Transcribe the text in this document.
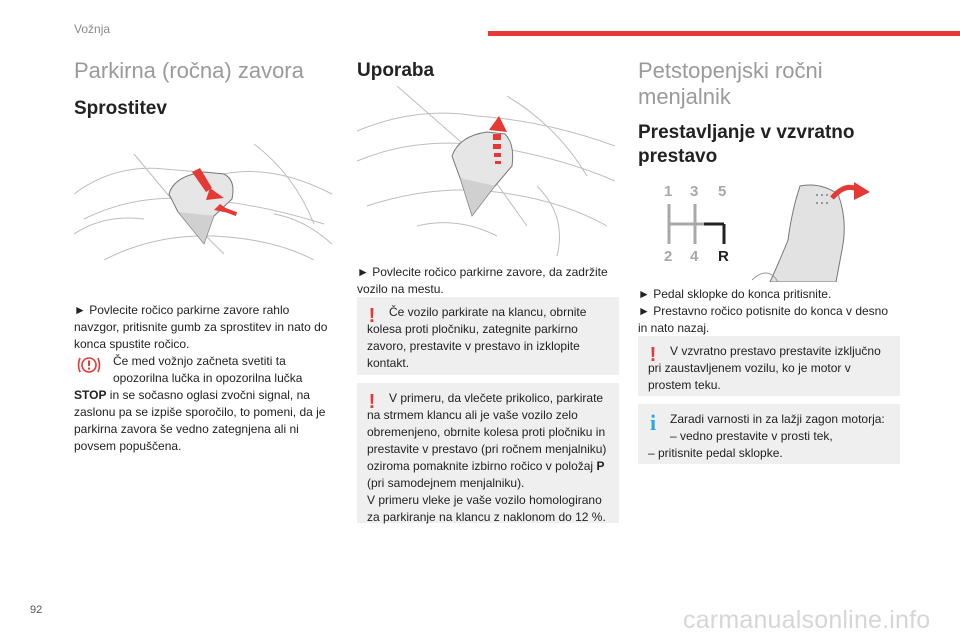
Vožnja
92	carmanualsonline.info
Parkirna (ročna) zavora
Sprostitev

► Povlecite ročico parkirne zavore rahlo navzgor, pritisnite gumb za sprostitev in nato do konca spustite ročico.

Če med vožnjo začneta svetiti ta
opozorilna lučka in opozorilna lučka

STOP in se sočasno oglasi zvočni signal, na zaslonu pa se izpiše sporočilo, to pomeni, da je parkirna zavora še vedno zategnjena ali ni povsem popuščena.

Uporaba

► Povlecite ročico parkirne zavore, da zadržite vozilo na mestu.

!	Če vozilo parkirate na klancu, obrnite kolesa proti pločniku, zategnite parkirno zavoro, prestavite v prestavo in izklopite kontakt.

!	V primeru, da vlečete prikolico, parkirate na strmem klancu ali je vaše vozilo zelo obremenjeno, obrnite kolesa proti pločniku in prestavite v prestavo (pri ročnem menjalniku) oziroma pomaknite izbirno ročico v položaj P (pri samodejnem menjalniku).

V primeru vleke je vaše vozilo homologirano za parkiranje na klancu z naklonom do 12 %.

Petstopenjski ročni menjalnik
Prestavljanje v vzvratno prestavo
1 3 5
2 4 R

► Pedal sklopke do konca pritisnite.

► Prestavno ročico potisnite do konca v desno in nato nazaj.

!	V vzvratno prestavo prestavite izključno pri zaustavljenem vozilu, ko je motor v prostem teku.

i	Zaradi varnosti in za lažji zagon motorja:

– vedno prestavite v prosti tek,

– pritisnite pedal sklopke.
